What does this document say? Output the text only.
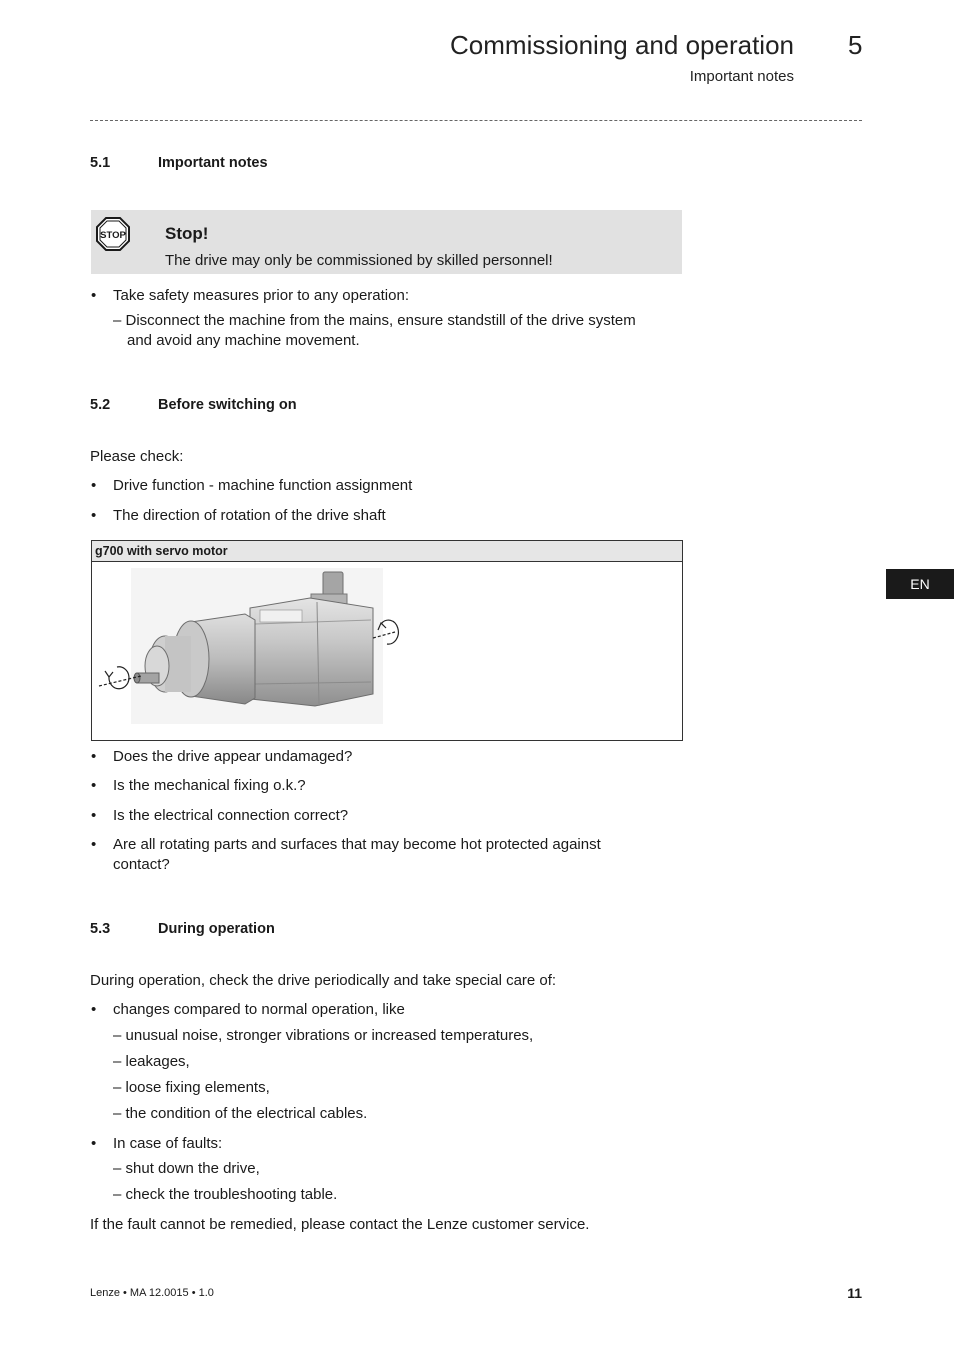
Commissioning and operation 5
Important notes
EN
5.1	Important notes
STOP Stop!
The drive may only be commissioned by skilled personnel!
• Take safety measures prior to any operation:
– Disconnect the machine from the mains, ensure standstill of the drive system
and avoid any machine movement.
5.2	Before switching on
Please check:
• Drive function - machine function assignment
• The direction of rotation of the drive shaft
g700 with servo motor
• Does the drive appear undamaged?
• Is the mechanical fixing o.k.?
• Is the electrical connection correct?
• Are all rotating parts and surfaces that may become hot protected against
contact?
5.3	During operation
During operation, check the drive periodically and take special care of:
• changes compared to normal operation, like
– unusual noise, stronger vibrations or increased temperatures,
– leakages,
– loose fixing elements,
– the condition of the electrical cables.
• In case of faults:
– shut down the drive,
– check the troubleshooting table.
If the fault cannot be remedied, please contact the Lenze customer service.
Lenze • MA 12.0015 • 1.0	11
